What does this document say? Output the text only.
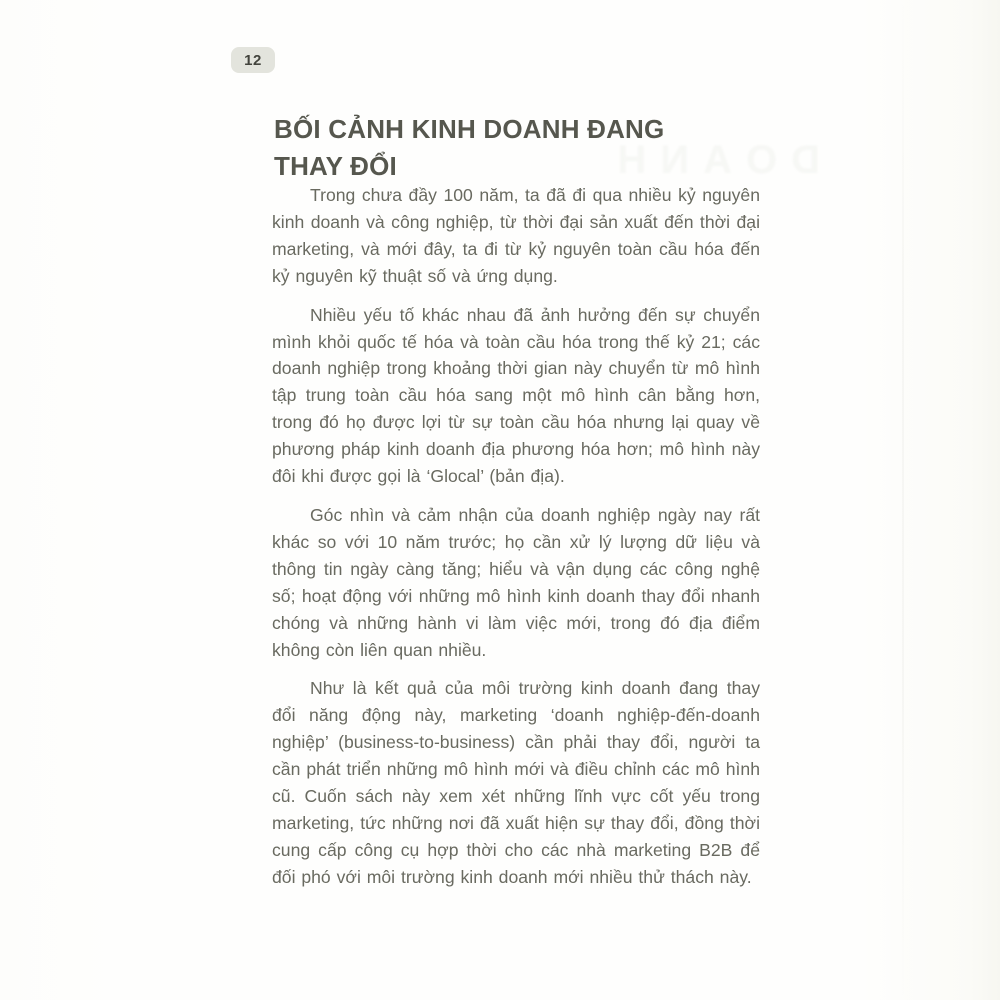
DOANH
12
BỐI CẢNH KINH DOANH ĐANG THAY ĐỔI

Trong chưa đầy 100 năm, ta đã đi qua nhiều kỷ nguyên kinh doanh và công nghiệp, từ thời đại sản xuất đến thời đại marketing, và mới đây, ta đi từ kỷ nguyên toàn cầu hóa đến kỷ nguyên kỹ thuật số và ứng dụng.

Nhiều yếu tố khác nhau đã ảnh hưởng đến sự chuyển mình khỏi quốc tế hóa và toàn cầu hóa trong thế kỷ 21; các doanh nghiệp trong khoảng thời gian này chuyển từ mô hình tập trung toàn cầu hóa sang một mô hình cân bằng hơn, trong đó họ được lợi từ sự toàn cầu hóa nhưng lại quay về phương pháp kinh doanh địa phương hóa hơn; mô hình này đôi khi được gọi là ‘Glocal’ (bản địa).

Góc nhìn và cảm nhận của doanh nghiệp ngày nay rất khác so với 10 năm trước; họ cần xử lý lượng dữ liệu và thông tin ngày càng tăng; hiểu và vận dụng các công nghệ số; hoạt động với những mô hình kinh doanh thay đổi nhanh chóng và những hành vi làm việc mới, trong đó địa điểm không còn liên quan nhiều.

Như là kết quả của môi trường kinh doanh đang thay đổi năng động này, marketing ‘doanh nghiệp-đến-doanh nghiệp’ (business-to-business) cần phải thay đổi, người ta cần phát triển những mô hình mới và điều chỉnh các mô hình cũ. Cuốn sách này xem xét những lĩnh vực cốt yếu trong marketing, tức những nơi đã xuất hiện sự thay đổi, đồng thời cung cấp công cụ hợp thời cho các nhà marketing B2B để đối phó với môi trường kinh doanh mới nhiều thử thách này.
